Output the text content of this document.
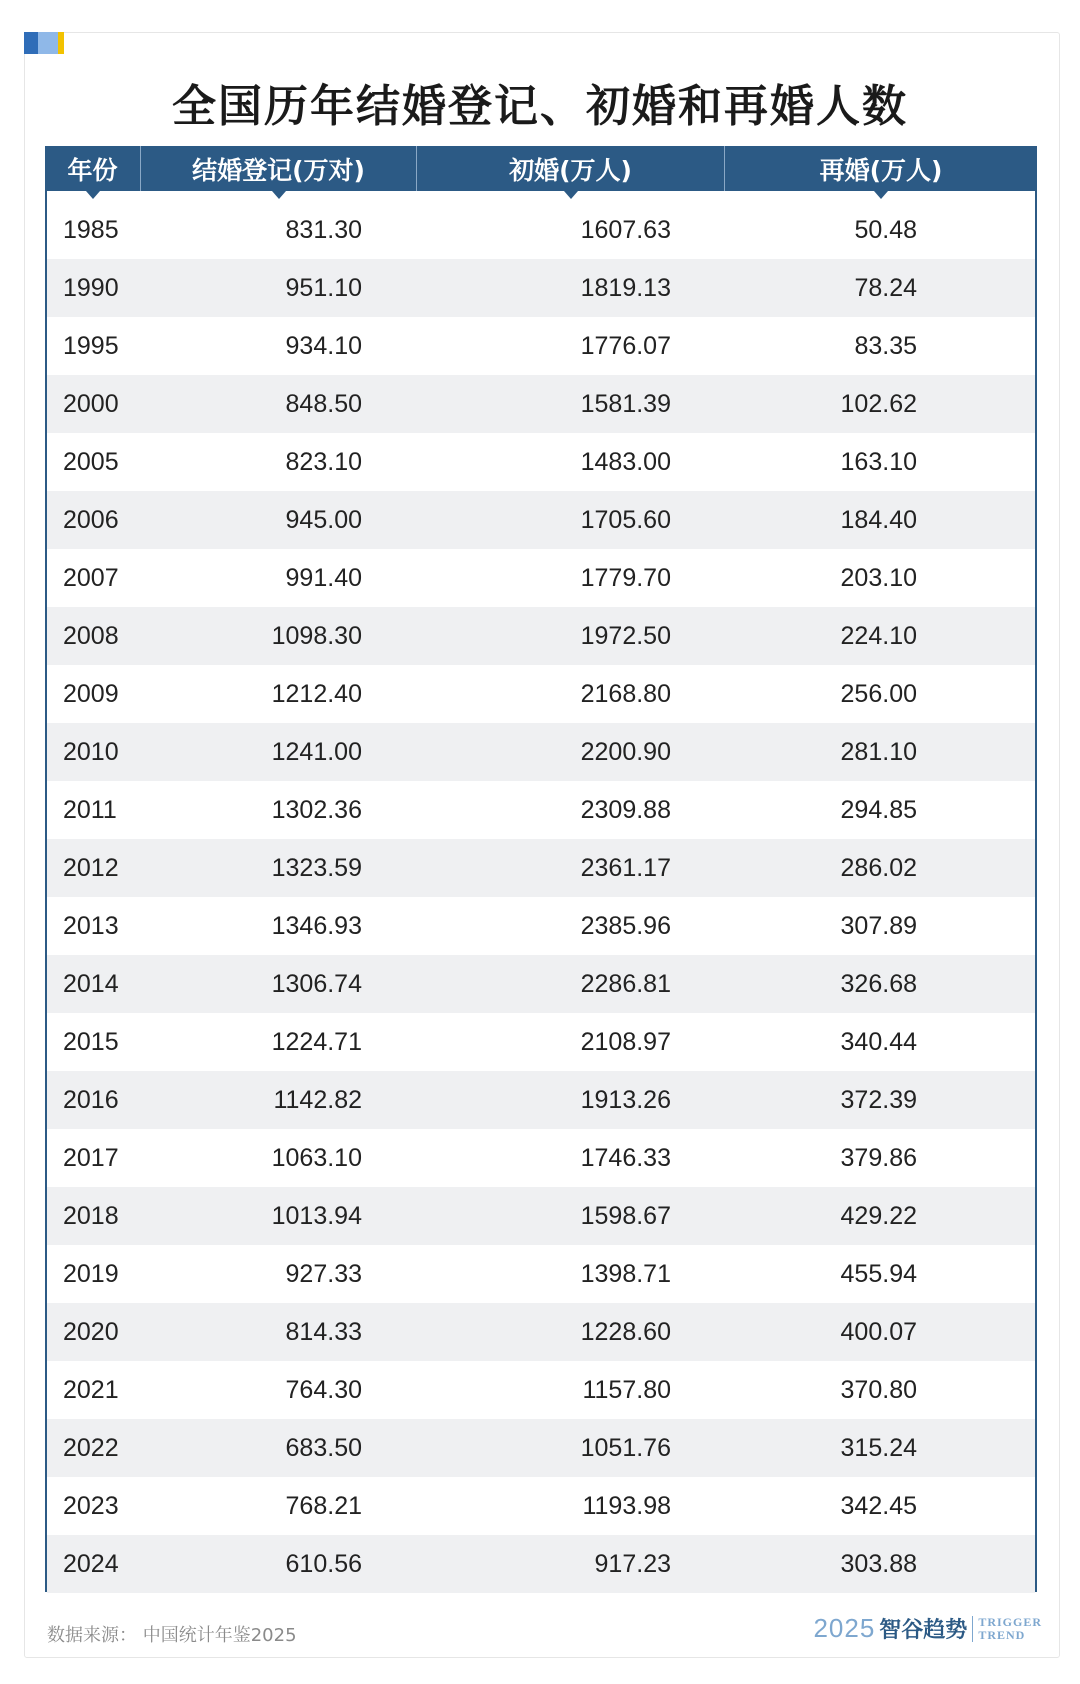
全国历年结婚登记、初婚和再婚人数
年份	结婚登记(万对)	初婚(万人)	再婚(万人)
1985	831.30	1607.63	50.48
1990	951.10	1819.13	78.24
1995	934.10	1776.07	83.35
2000	848.50	1581.39	102.62
2005	823.10	1483.00	163.10
2006	945.00	1705.60	184.40
2007	991.40	1779.70	203.10
2008	1098.30	1972.50	224.10
2009	1212.40	2168.80	256.00
2010	1241.00	2200.90	281.10
2011	1302.36	2309.88	294.85
2012	1323.59	2361.17	286.02
2013	1346.93	2385.96	307.89
2014	1306.74	2286.81	326.68
2015	1224.71	2108.97	340.44
2016	1142.82	1913.26	372.39
2017	1063.10	1746.33	379.86
2018	1013.94	1598.67	429.22
2019	927.33	1398.71	455.94
2020	814.33	1228.60	400.07
2021	764.30	1157.80	370.80
2022	683.50	1051.76	315.24
2023	768.21	1193.98	342.45
2024	610.56	917.23	303.88
数据来源： 中国统计年鉴2025	2025 智谷趋势 TRIGGER
TREND
